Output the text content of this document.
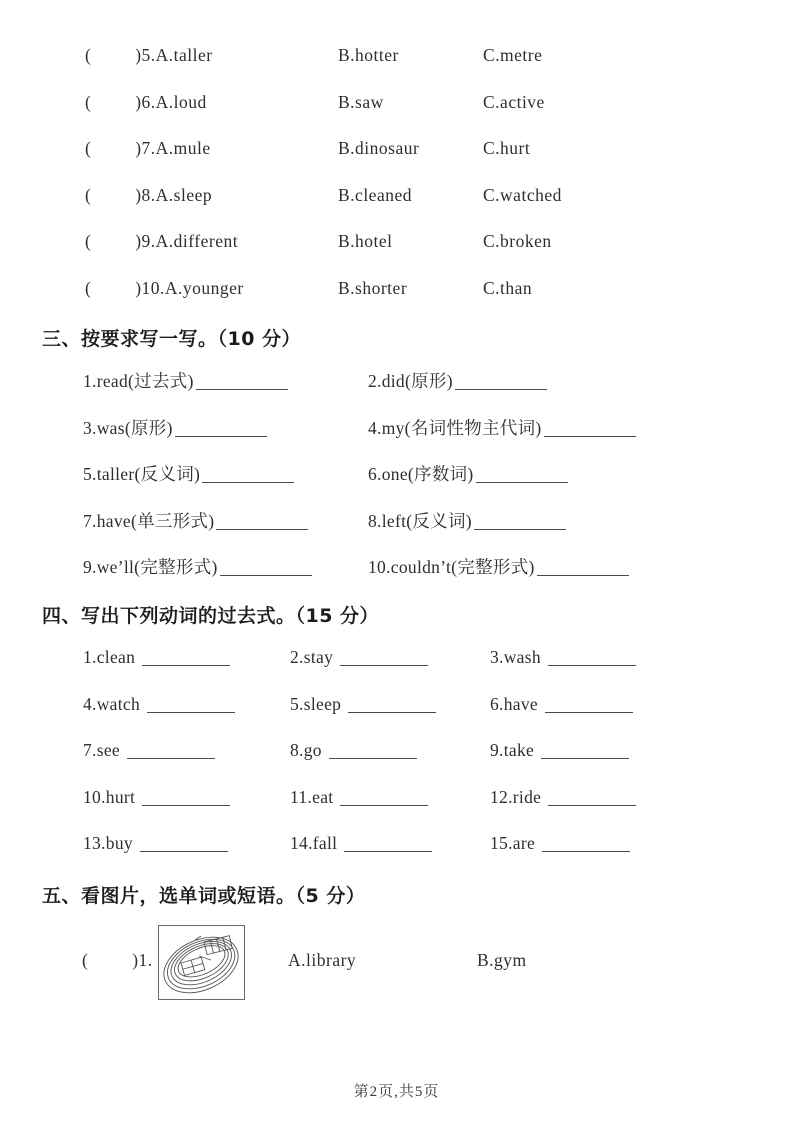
(         )5.A.taller	B.hotter	C.metre
(         )6.A.loud	B.saw	C.active
(         )7.A.mule	B.dinosaur	C.hurt
(         )8.A.sleep	B.cleaned	C.watched
(         )9.A.different	B.hotel	C.broken
(         )10.A.younger	B.shorter	C.than
三、按要求写一写。（10 分）
1.read(过去式)	2.did(原形)
3.was(原形)	4.my(名词性物主代词)
5.taller(反义词)	6.one(序数词)
7.have(单三形式)	8.left(反义词)
9.we’ll(完整形式)	10.couldn’t(完整形式)
四、写出下列动词的过去式。（15 分）
1.clean	2.stay	3.wash
4.watch	5.sleep	6.have
7.see	8.go	9.take
10.hurt	11.eat	12.ride
13.buy	14.fall	15.are
五、看图片，选单词或短语。（5 分）
(         )1.	A.library	B.gym
第2页,共5页
